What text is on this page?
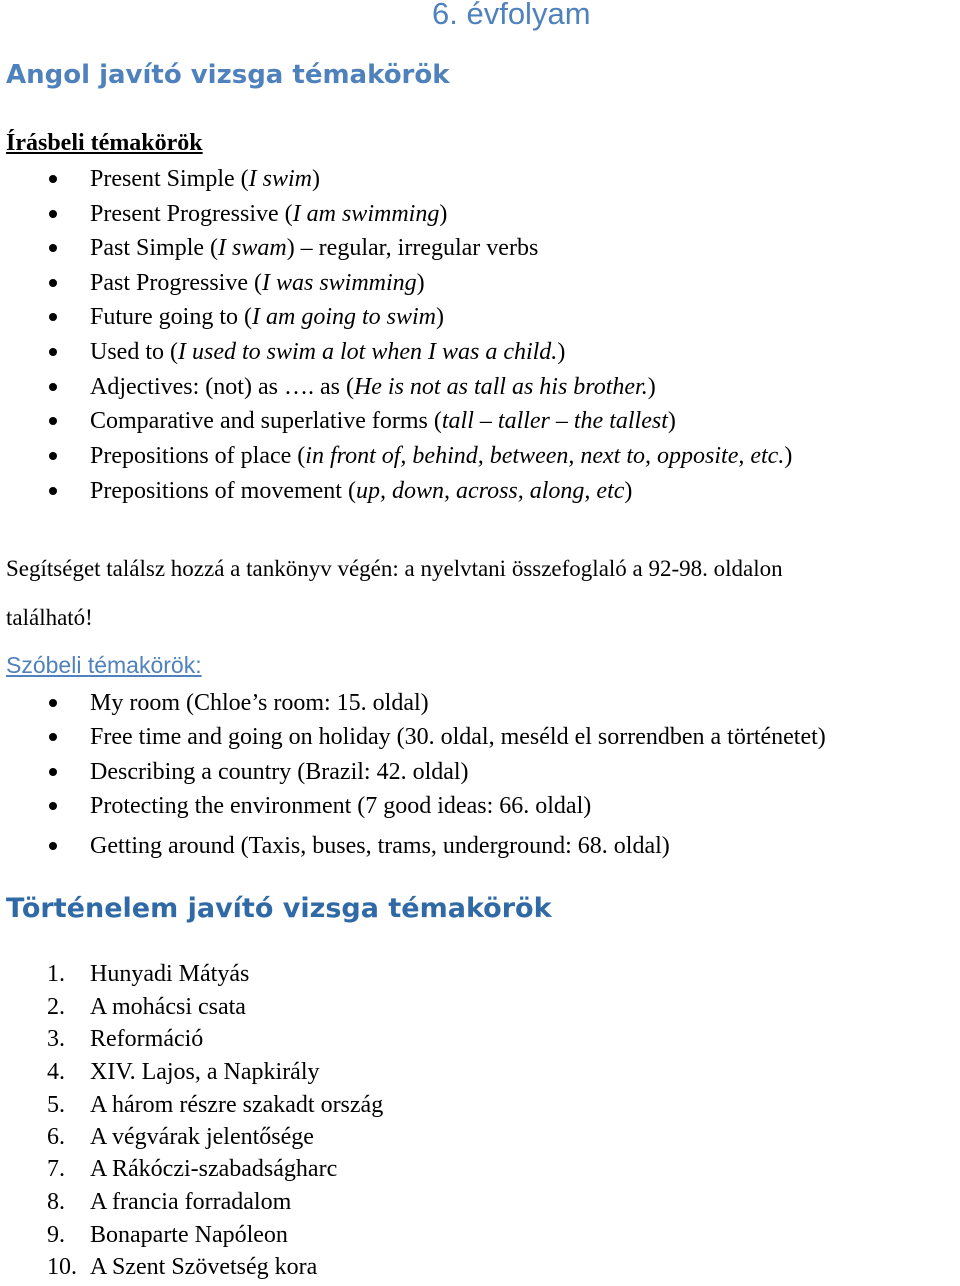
6. évfolyam
Angol javító vizsga témakörök
Írásbeli témakörök
Present Simple (I swim)
Present Progressive (I am swimming)
Past Simple (I swam) – regular, irregular verbs
Past Progressive (I was swimming)
Future going to (I am going to swim)
Used to (I used to swim a lot when I was a child.)
Adjectives: (not) as …. as (He is not as tall as his brother.)
Comparative and superlative forms (tall – taller – the tallest)
Prepositions of place (in front of, behind, between, next to, opposite, etc.)
Prepositions of movement (up, down, across, along, etc)
Segítséget találsz hozzá a tankönyv végén: a nyelvtani összefoglaló a 92-98. oldalon
található!
Szóbeli témakörök:
My room (Chloe’s room: 15. oldal)
Free time and going on holiday (30. oldal, meséld el sorrendben a történetet)
Describing a country (Brazil: 42. oldal)
Protecting the environment (7 good ideas: 66. oldal)
Getting around (Taxis, buses, trams, underground: 68. oldal)
Történelem javító vizsga témakörök
1.	Hunyadi Mátyás
2.	A mohácsi csata
3.	Reformáció
4.	XIV. Lajos, a Napkirály
5.	A három részre szakadt ország
6.	A végvárak jelentősége
7.	A Rákóczi-szabadságharc
8.	A francia forradalom
9.	Bonaparte Napóleon
10. A Szent Szövetség kora
